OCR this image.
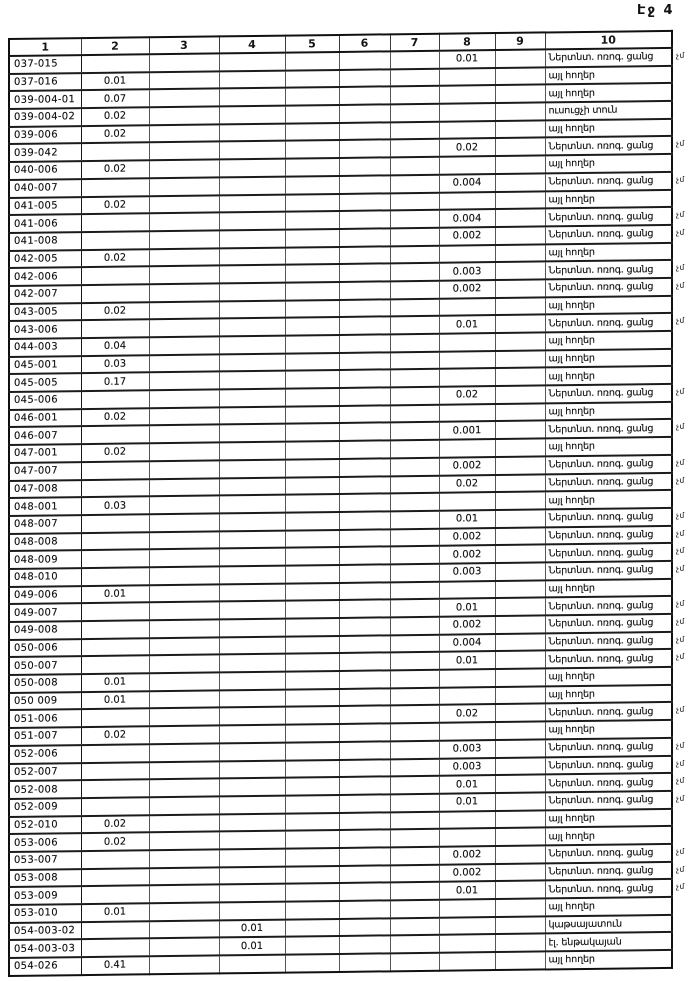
Էջ 4
1	2	3	4	5	6	7	8	9	10
037-015							0.01		Ներտնտ. ոռոգ. ցանց
037-016	0.01								այլ հողեր
039-004-01	0.07								այլ հողեր
039-004-02	0.02								ուսուցչի տուն
039-006	0.02								այլ հողեր
039-042							0.02		Ներտնտ. ոռոգ. ցանց
040-006	0.02								այլ հողեր
040-007							0.004		Ներտնտ. ոռոգ. ցանց
041-005	0.02								այլ հողեր
041-006							0.004		Ներտնտ. ոռոգ. ցանց
041-008							0.002		Ներտնտ. ոռոգ. ցանց
042-005	0.02								այլ հողեր
042-006							0.003		Ներտնտ. ոռոգ. ցանց
042-007							0.002		Ներտնտ. ոռոգ. ցանց
043-005	0.02								այլ հողեր
043-006							0.01		Ներտնտ. ոռոգ. ցանց
044-003	0.04								այլ հողեր
045-001	0.03								այլ հողեր
045-005	0.17								այլ հողեր
045-006							0.02		Ներտնտ. ոռոգ. ցանց
046-001	0.02								այլ հողեր
046-007							0.001		Ներտնտ. ոռոգ. ցանց
047-001	0.02								այլ հողեր
047-007							0.002		Ներտնտ. ոռոգ. ցանց
047-008							0.02		Ներտնտ. ոռոգ. ցանց
048-001	0.03								այլ հողեր
048-007							0.01		Ներտնտ. ոռոգ. ցանց
048-008							0.002		Ներտնտ. ոռոգ. ցանց
048-009							0.002		Ներտնտ. ոռոգ. ցանց
048-010							0.003		Ներտնտ. ոռոգ. ցանց
049-006	0.01								այլ հողեր
049-007							0.01		Ներտնտ. ոռոգ. ցանց
049-008							0.002		Ներտնտ. ոռոգ. ցանց
050-006							0.004		Ներտնտ. ոռոգ. ցանց
050-007							0.01		Ներտնտ. ոռոգ. ցանց
050-008	0.01								այլ հողեր
050 009	0.01								այլ հողեր
051-006							0.02		Ներտնտ. ոռոգ. ցանց
051-007	0.02								այլ հողեր
052-006							0.003		Ներտնտ. ոռոգ. ցանց
052-007							0.003		Ներտնտ. ոռոգ. ցանց
052-008							0.01		Ներտնտ. ոռոգ. ցանց
052-009							0.01		Ներտնտ. ոռոգ. ցանց
052-010	0.02								այլ հողեր
053-006	0.02								այլ հողեր
053-007							0.002		Ներտնտ. ոռոգ. ցանց
053-008							0.002		Ներտնտ. ոռոգ. ցանց
053-009							0.01		Ներտնտ. ոռոգ. ցանց
053-010	0.01								այլ հողեր
054-003-02			0.01						կաթսայատուն
054-003-03			0.01						էլ. ենթակայան
054-026	0.41								այլ հողեր
չմ
չմ
չմ
չմ
չմ
չմ
չմ
չմ
չմ
չմ
չմ
չմ
չմ
չմ
չմ
չմ
չմ
չմ
չմ
չմ
չմ
չմ
չմ
չմ
չմ
չմ
չմ
չմ
